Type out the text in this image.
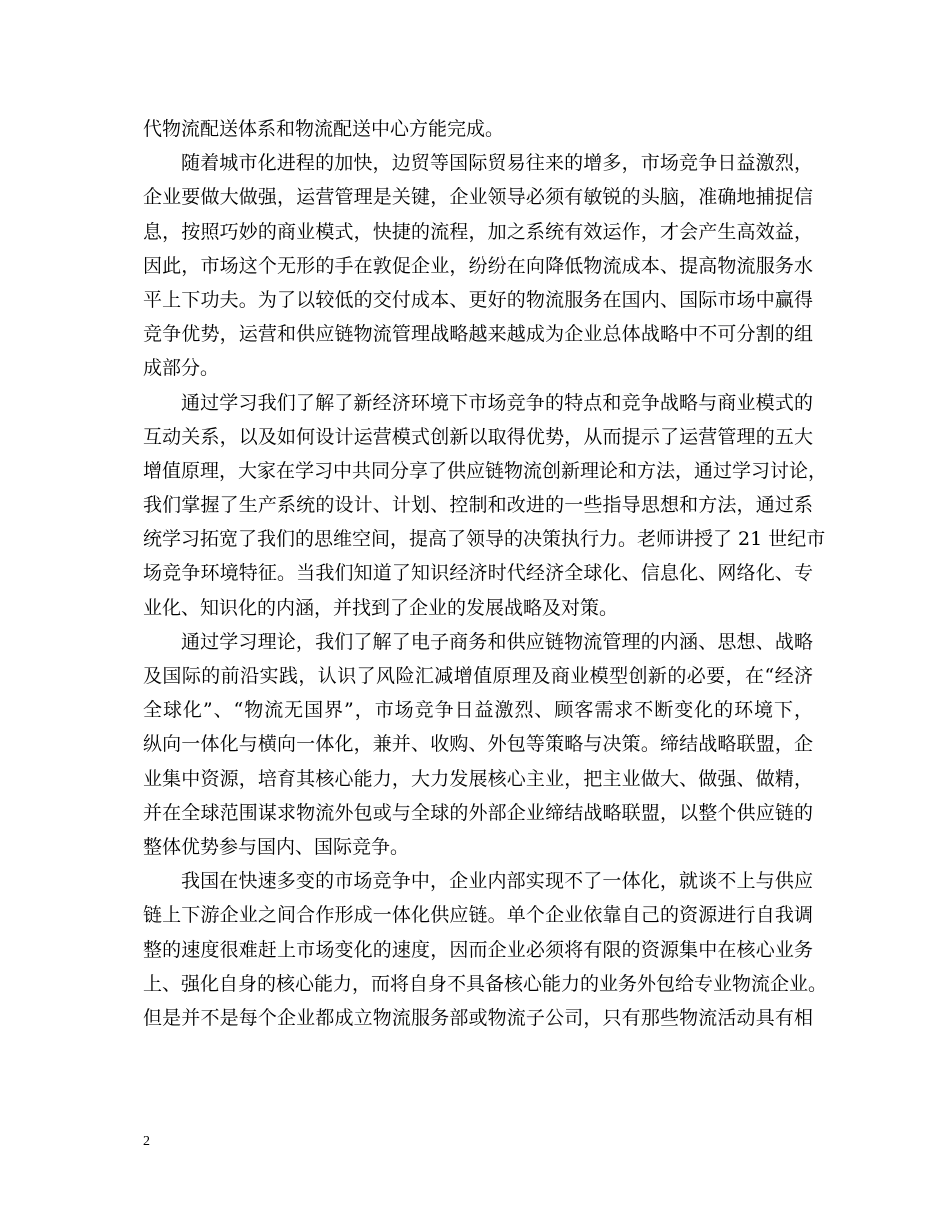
代物流配送体系和物流配送中心方能完成。
随着城市化进程的加快，边贸等国际贸易往来的增多，市场竞争日益激烈，
企业要做大做强，运营管理是关键，企业领导必须有敏锐的头脑，准确地捕捉信
息，按照巧妙的商业模式，快捷的流程，加之系统有效运作，才会产生高效益，
因此，市场这个无形的手在敦促企业，纷纷在向降低物流成本、提高物流服务水
平上下功夫。为了以较低的交付成本、更好的物流服务在国内、国际市场中赢得
竞争优势，运营和供应链物流管理战略越来越成为企业总体战略中不可分割的组
成部分。
通过学习我们了解了新经济环境下市场竞争的特点和竞争战略与商业模式的
互动关系，以及如何设计运营模式创新以取得优势，从而提示了运营管理的五大
增值原理，大家在学习中共同分享了供应链物流创新理论和方法，通过学习讨论，
我们掌握了生产系统的设计、计划、控制和改进的一些指导思想和方法，通过系
统学习拓宽了我们的思维空间，提高了领导的决策执行力。老师讲授了 21 世纪市
场竞争环境特征。当我们知道了知识经济时代经济全球化、信息化、网络化、专
业化、知识化的内涵，并找到了企业的发展战略及对策。
通过学习理论，我们了解了电子商务和供应链物流管理的内涵、思想、战略
及国际的前沿实践，认识了风险汇减增值原理及商业模型创新的必要，在“经济
全球化”、“物流无国界”，市场竞争日益激烈、顾客需求不断变化的环境下，
纵向一体化与横向一体化，兼并、收购、外包等策略与决策。缔结战略联盟，企
业集中资源，培育其核心能力，大力发展核心主业，把主业做大、做强、做精，
并在全球范围谋求物流外包或与全球的外部企业缔结战略联盟，以整个供应链的
整体优势参与国内、国际竞争。
我国在快速多变的市场竞争中，企业内部实现不了一体化，就谈不上与供应
链上下游企业之间合作形成一体化供应链。单个企业依靠自己的资源进行自我调
整的速度很难赶上市场变化的速度，因而企业必须将有限的资源集中在核心业务
上、强化自身的核心能力，而将自身不具备核心能力的业务外包给专业物流企业。
但是并不是每个企业都成立物流服务部或物流子公司，只有那些物流活动具有相
2
